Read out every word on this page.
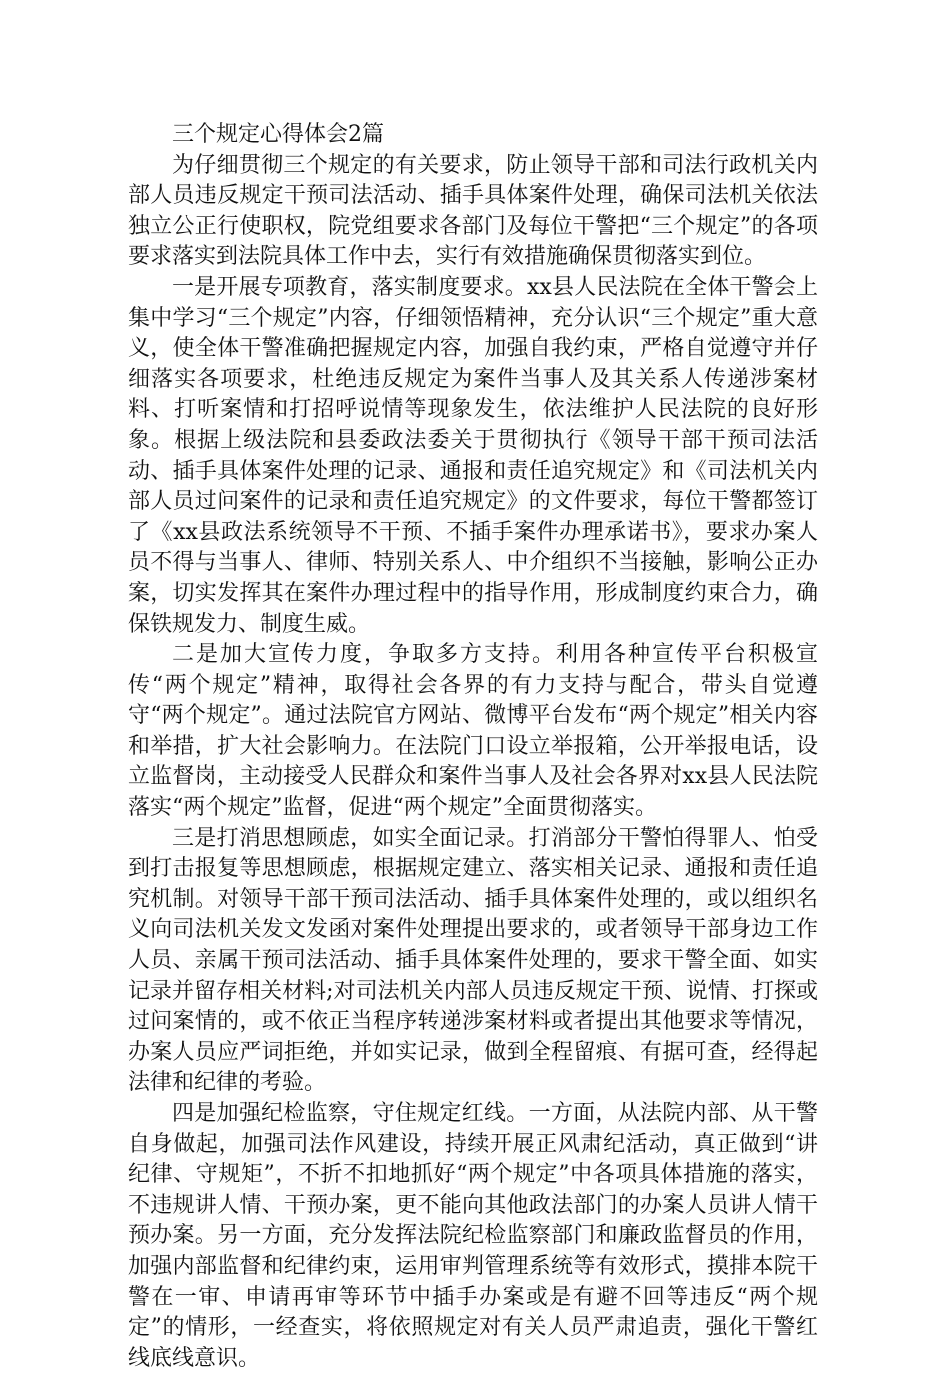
三个规定心得体会2篇

为仔细贯彻三个规定的有关要求，防止领导干部和司法行政机关内部人员违反规定干预司法活动、插手具体案件处理，确保司法机关依法独立公正行使职权，院党组要求各部门及每位干警把“三个规定”的各项要求落实到法院具体工作中去，实行有效措施确保贯彻落实到位。

一是开展专项教育，落实制度要求。xx县人民法院在全体干警会上集中学习“三个规定”内容，仔细领悟精神，充分认识“三个规定”重大意义，使全体干警准确把握规定内容，加强自我约束，严格自觉遵守并仔细落实各项要求，杜绝违反规定为案件当事人及其关系人传递涉案材料、打听案情和打招呼说情等现象发生，依法维护人民法院的良好形象。根据上级法院和县委政法委关于贯彻执行《领导干部干预司法活动、插手具体案件处理的记录、通报和责任追究规定》和《司法机关内部人员过问案件的记录和责任追究规定》的文件要求，每位干警都签订了《xx县政法系统领导不干预、不插手案件办理承诺书》，要求办案人员不得与当事人、律师、特别关系人、中介组织不当接触，影响公正办案，切实发挥其在案件办理过程中的指导作用，形成制度约束合力，确保铁规发力、制度生威。

二是加大宣传力度，争取多方支持。利用各种宣传平台积极宣传“两个规定”精神，取得社会各界的有力支持与配合，带头自觉遵守“两个规定”。通过法院官方网站、微博平台发布“两个规定”相关内容和举措，扩大社会影响力。在法院门口设立举报箱，公开举报电话，设立监督岗，主动接受人民群众和案件当事人及社会各界对xx县人民法院落实“两个规定”监督，促进“两个规定”全面贯彻落实。

三是打消思想顾虑，如实全面记录。打消部分干警怕得罪人、怕受到打击报复等思想顾虑，根据规定建立、落实相关记录、通报和责任追究机制。对领导干部干预司法活动、插手具体案件处理的，或以组织名义向司法机关发文发函对案件处理提出要求的，或者领导干部身边工作人员、亲属干预司法活动、插手具体案件处理的，要求干警全面、如实记录并留存相关材料;对司法机关内部人员违反规定干预、说情、打探或过问案情的，或不依正当程序转递涉案材料或者提出其他要求等情况，办案人员应严词拒绝，并如实记录，做到全程留痕、有据可查，经得起法律和纪律的考验。

四是加强纪检监察，守住规定红线。一方面，从法院内部、从干警自身做起，加强司法作风建设，持续开展正风肃纪活动，真正做到“讲纪律、守规矩”，不折不扣地抓好“两个规定”中各项具体措施的落实，不违规讲人情、干预办案，更不能向其他政法部门的办案人员讲人情干预办案。另一方面，充分发挥法院纪检监察部门和廉政监督员的作用，加强内部监督和纪律约束，运用审判管理系统等有效形式，摸排本院干警在一审、申请再审等环节中插手办案或是有避不回等违反“两个规定”的情形，一经查实，将依照规定对有关人员严肃追责，强化干警红线底线意识。
